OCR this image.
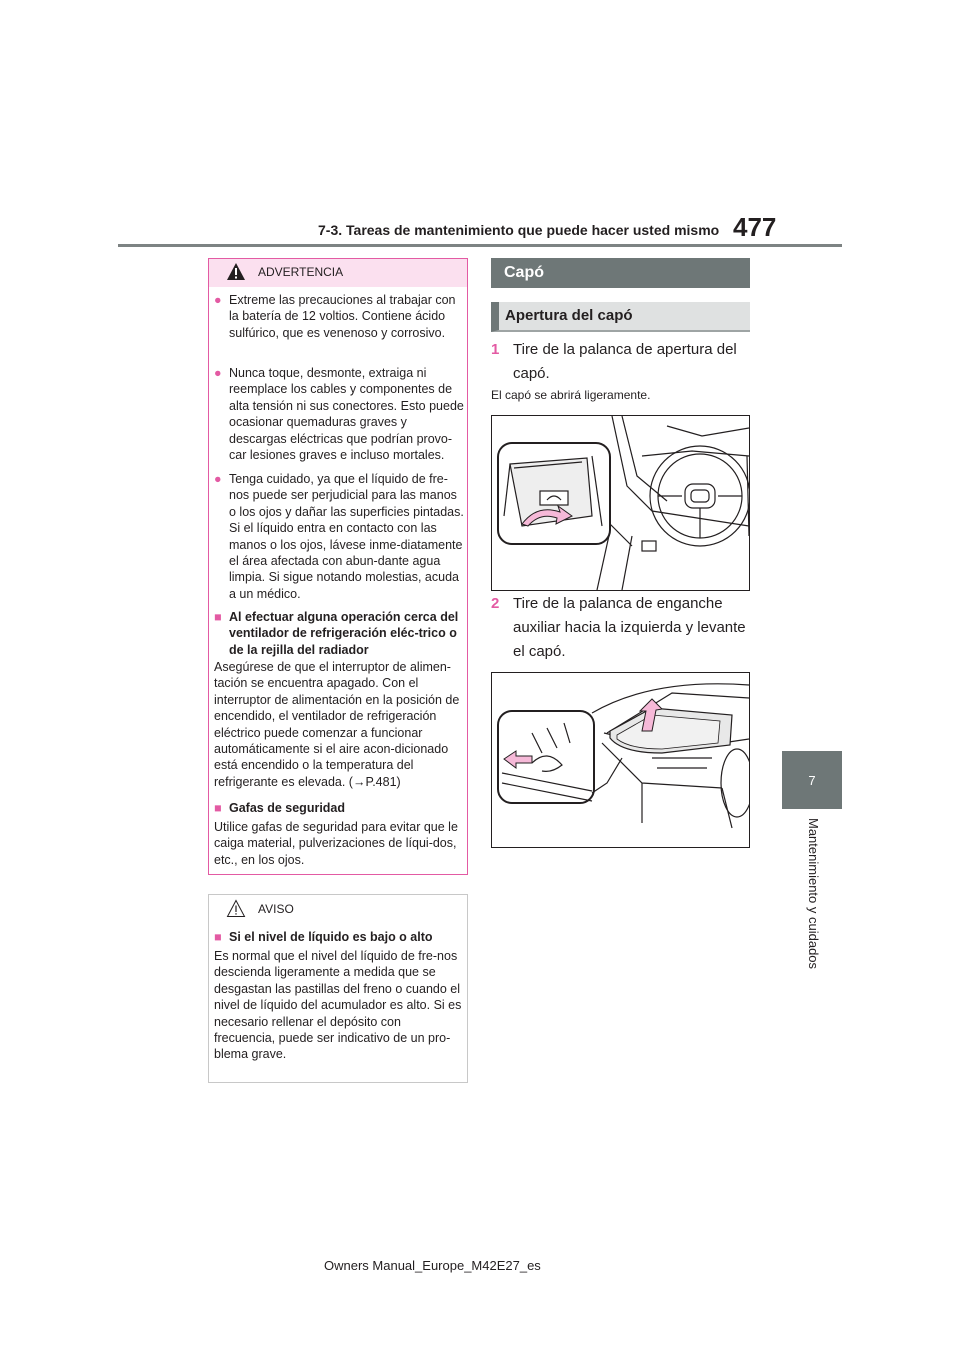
7-3. Tareas de mantenimiento que puede hacer usted mismo 477
7
Mantenimiento y cuidados
ADVERTENCIA
● Extreme las precauciones al trabajar con la batería de 12 voltios. Contiene ácido sulfúrico, que es venenoso y corrosivo.
● Nunca toque, desmonte, extraiga ni reemplace los cables y componentes de alta tensión ni sus conectores. Esto puede ocasionar quemaduras graves y descargas eléctricas que podrían provo-car lesiones graves e incluso mortales.
● Tenga cuidado, ya que el líquido de fre-nos puede ser perjudicial para las manos o los ojos y dañar las superficies pintadas. Si el líquido entra en contacto con las manos o los ojos, lávese inme-diatamente el área afectada con abun-dante agua limpia. Si sigue notando molestias, acuda a un médico.
■ Al efectuar alguna operación cerca del ventilador de refrigeración eléc-trico o de la rejilla del radiador
Asegúrese de que el interruptor de alimen-tación se encuentra apagado. Con el interruptor de alimentación en la posición de encendido, el ventilador de refrigeración eléctrico puede comenzar a funcionar automáticamente si el aire acon-dicionado está encendido o la temperatura del refrigerante es elevada. (→P.481)
■ Gafas de seguridad
Utilice gafas de seguridad para evitar que le caiga material, pulverizaciones de líqui-dos, etc., en los ojos.
AVISO
■ Si el nivel de líquido es bajo o alto
Es normal que el nivel del líquido de fre-nos descienda ligeramente a medida que se desgastan las pastillas del freno o cuando el nivel de líquido del acumulador es alto. Si es necesario rellenar el depósito con frecuencia, puede ser indicativo de un pro-blema grave.
Capó
Apertura del capó
1 Tire de la palanca de apertura del capó.
El capó se abrirá ligeramente.
2 Tire de la palanca de enganche auxiliar hacia la izquierda y levante el capó.
Owners Manual_Europe_M42E27_es
